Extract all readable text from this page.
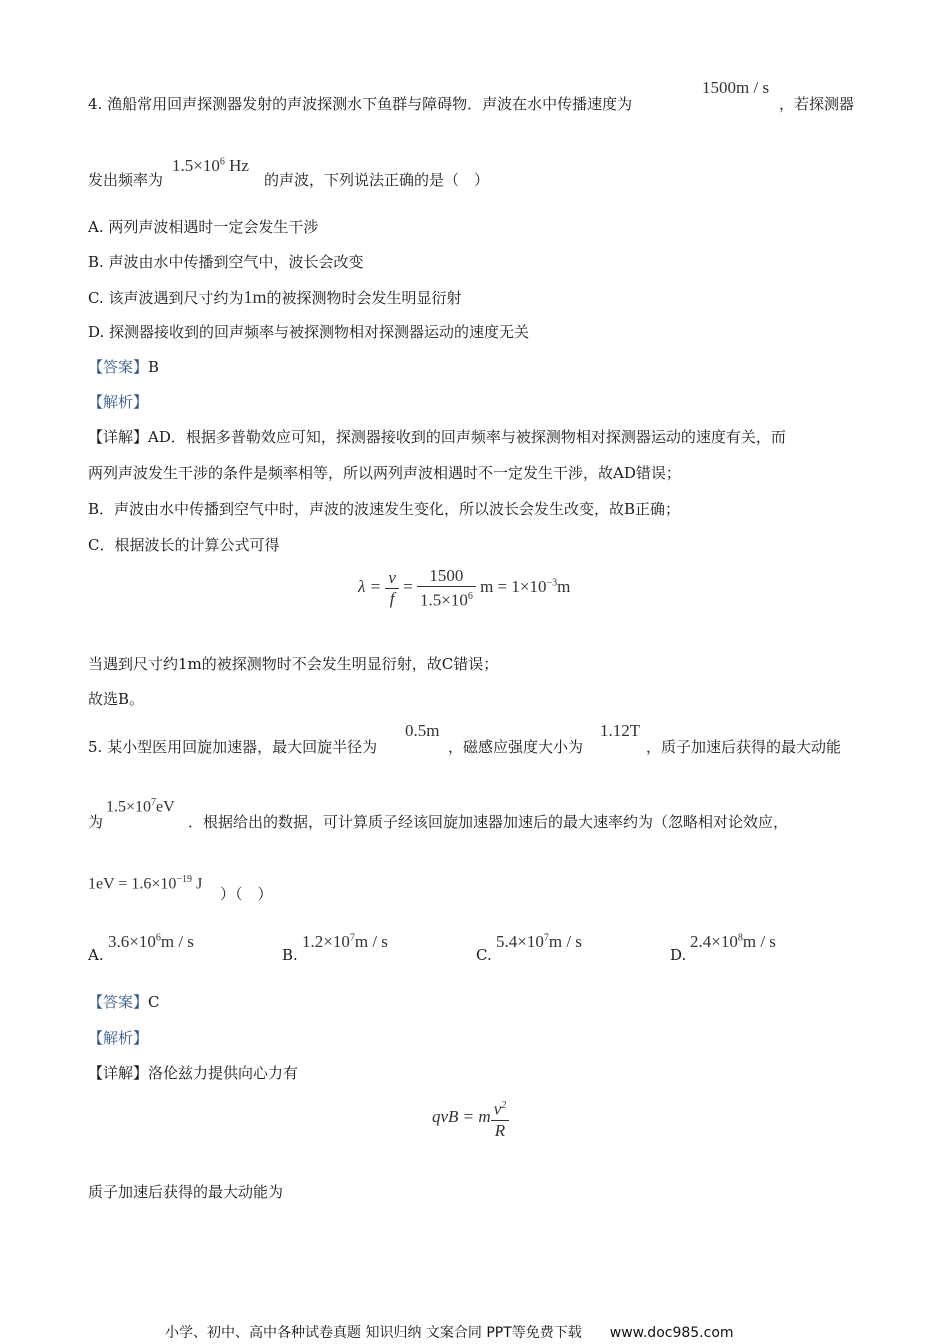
4. 渔船常用回声探测器发射的声波探测水下鱼群与障碍物．声波在水中传播速度为
1500m / s
，若探测器
发出频率为
$1.5\times 10^6$ Hz
的声波，下列说法正确的是（　）
A. 两列声波相遇时一定会发生干涉
B. 声波由水中传播到空气中，波长会改变
C. 该声波遇到尺寸约为1m的被探测物时会发生明显衍射
D. 探测器接收到的回声频率与被探测物相对探测器运动的速度无关
【答案】B
【解析】
【详解】AD．根据多普勒效应可知，探测器接收到的回声频率与被探测物相对探测器运动的速度有关，而
两列声波发生干涉的条件是频率相等，所以两列声波相遇时不一定发生干涉，故AD错误；
B．声波由水中传播到空气中时，声波的波速发生变化，所以波长会发生改变，故B正确；
C．根据波长的计算公式可得
$\lambda = \frac{v}{f} = \frac{1500}{1.5\times 10^6}$ $m = 1\times 10^{-3}m$
当遇到尺寸约1m的被探测物时不会发生明显衍射，故C错误；
故选B。
5. 某小型医用回旋加速器，最大回旋半径为
0.5m
，磁感应强度大小为
1.12T
，质子加速后获得的最大动能
为
$1.5\times 10^7eV$
．根据给出的数据，可计算质子经该回旋加速器加速后的最大速率约为（忽略相对论效应，
$1eV = 1.6\times 10^{-19}$ J
）（　）
A.
$3.6\times 10^6m / s$
B.
$1.2\times 10^7m / s$
C.
$5.4\times 10^7m / s$
D.
$2.4\times 10^8m / s$
【答案】C
【解析】
【详解】洛伦兹力提供向心力有
qvB = m $\frac{v^2}{R}$
质子加速后获得的最大动能为
小学、初中、高中各种试卷真题 知识归纳 文案合同 PPT等免费下载　　www.doc985.com
